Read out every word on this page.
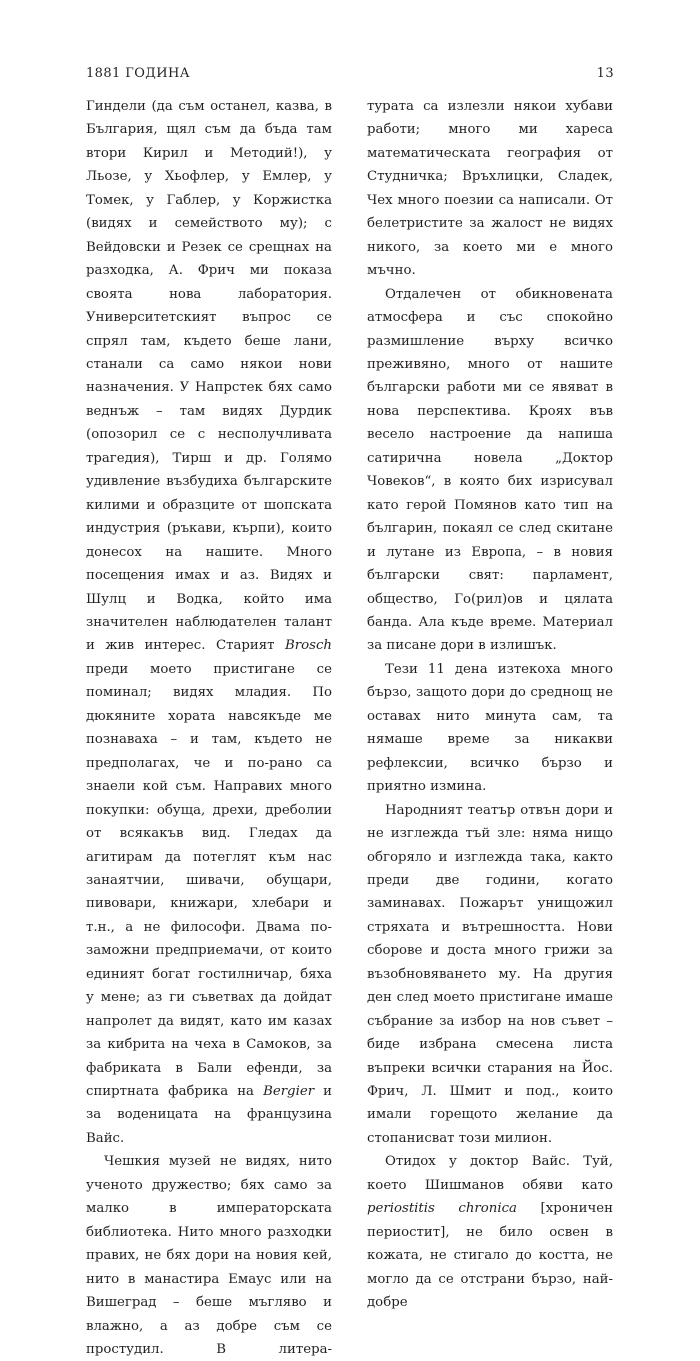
1881 ГОДИНА	13

Гиндели (да съм останел, казва, в България, щял съм да бъда там втори Кирил и Методий!), у Льозе, у Хьофлер, у Емлер, у Томек, у Габлер, у Коржистка (видях и семейството му); с Вейдовски и Резек се срещнах на разходка, А. Фрич ми показа своята нова лаборатория. Университетският въпрос се спрял там, където беше лани, станали са само някои нови назначения. У Напрстек бях само веднъж – там видях Дурдик (опозорил се с несполучливата трагедия), Тирш и др. Голямо удивление възбудиха българските килими и образците от шопската индустрия (ръкави, кърпи), които донесох на нашите. Много посещения имах и аз. Видях и Шулц и Водка, който има значителен наблюдателен талант и жив интерес. Старият Brosch преди моето пристигане се поминал; видях младия. По дюкяните хората навсякъде ме познаваха – и там, където не предполагах, че и по-рано са знаели кой съм. Направих много покупки: обуща, дрехи, дреболии от всякакъв вид. Гледах да агитирам да потеглят към нас занаятчии, шивачи, обущари, пивовари, книжари, хлебари и т.н., а не философи. Двама по-заможни предприемачи, от които единият богат гостилничар, бяха у мене; аз ги съветвах да дойдат напролет да видят, като им казах за кибрита на чеха в Самоков, за фабриката в Бали ефенди, за спиртната фабрика на Bergier и за воденицата на французина Вайс.

Чешкия музей не видях, нито ученото дружество; бях само за малко в императорската библиотека. Нито много разходки правих, не бях дори на новия кей, нито в манастира Емаус или на Вишеград – беше мъгляво и влажно, а аз добре съм се простудил. В литера-

турата са излезли някои хубави работи; много ми хареса математическата география от Студничка; Връхлицки, Сладек, Чех много поезии са написали. От белетристите за жалост не видях никого, за което ми е много мъчно.

Отдалечен от обикновената атмосфера и със спокойно размишление върху всичко преживяно, много от нашите български работи ми се явяват в нова перспектива. Кроях във весело настроение да напиша сатирична новела „Доктор Човеков“, в която бих изрисувал като герой Помянов като тип на българин, покаял се след скитане и лутане из Европа, – в новия български свят: парламент, общество, Го(рил)ов и цялата банда. Ала къде време. Материал за писане дори в излишък.

Тези 11 дена изтекоха много бързо, защото дори до среднощ не оставах нито минута сам, та нямаше време за никакви рефлексии, всичко бързо и приятно измина.

Народният театър отвън дори и не изглежда тъй зле: няма нищо обгоряло и изглежда така, както преди две години, когато заминавах. Пожарът унищожил стряхата и вътрешността. Нови сборове и доста много грижи за възобновяването му. На другия ден след моето пристигане имаше събрание за избор на нов съвет – биде избрана смесена листа въпреки всички старания на Йос. Фрич, Л. Шмит и под., които имали горещото желание да стопанисват този милион.

Отидох у доктор Вайс. Туй, което Шишманов обяви като periostitis chronica [хроничен периостит], не било освен в кожата, не стигало до костта, не могло да се отстрани бързо, най-добре
